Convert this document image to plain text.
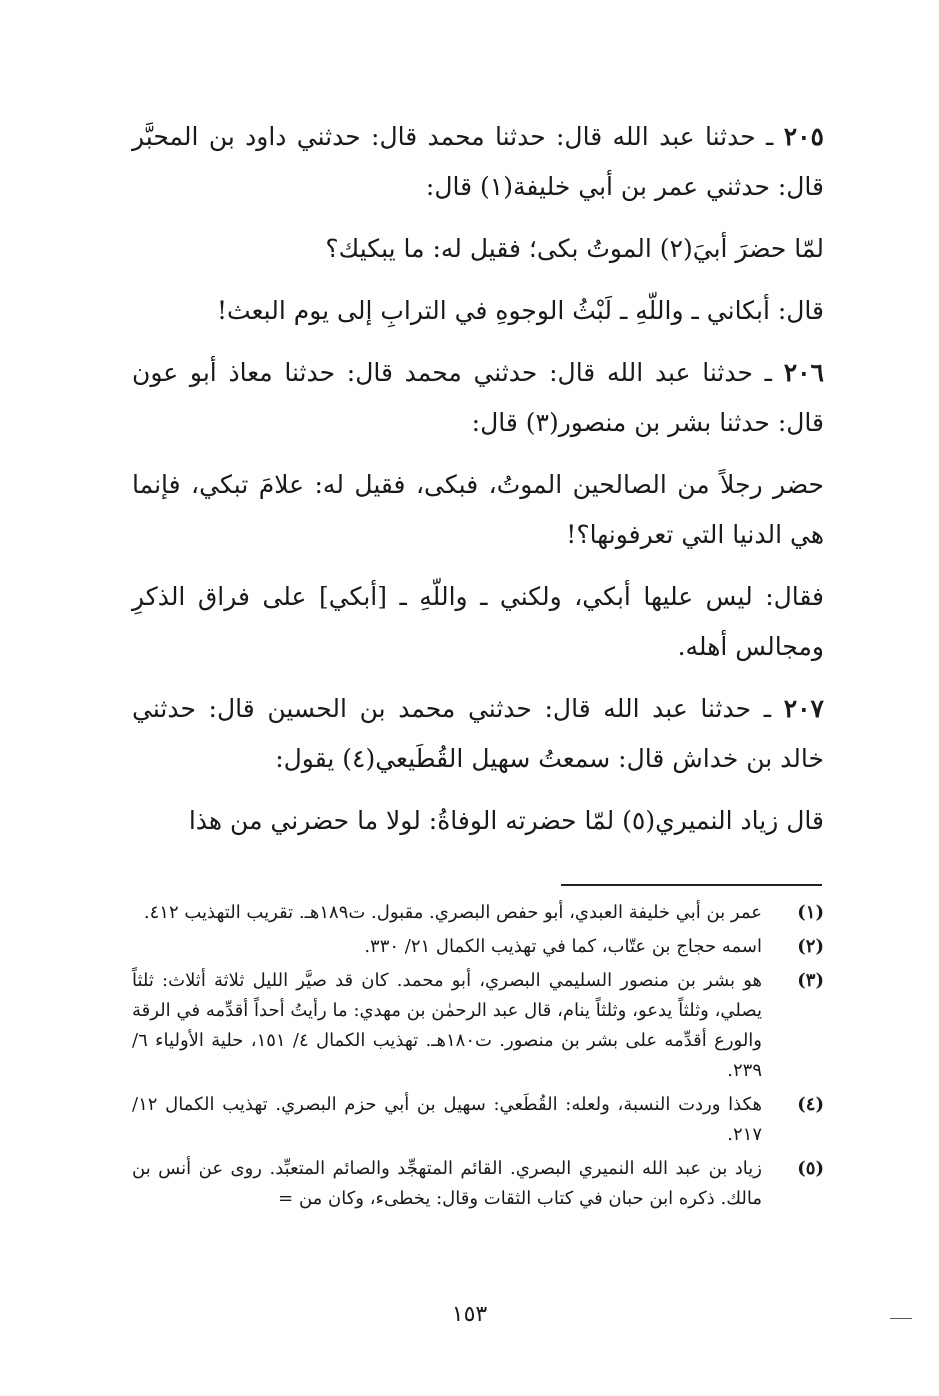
٢٠٥ ـ حدثنا عبد الله قال: حدثنا محمد قال: حدثني داود بن المحبَّر قال: حدثني عمر بن أبي خليفة(١) قال:

لمّا حضرَ أبيَ(٢) الموتُ بكى؛ فقيل له: ما يبكيك؟

قال: أبكاني ـ واللّهِ ـ لَبْثُ الوجوهِ في الترابِ إلى يوم البعث!

٢٠٦ ـ حدثنا عبد الله قال: حدثني محمد قال: حدثنا معاذ أبو عون قال: حدثنا بشر بن منصور(٣) قال:

حضر رجلاً من الصالحين الموتُ، فبكى، فقيل له: علامَ تبكي، فإنما هي الدنيا التي تعرفونها؟!

فقال: ليس عليها أبكي، ولكني ـ واللّهِ ـ [أبكي] على فراق الذكرِ ومجالس أهله.

٢٠٧ ـ حدثنا عبد الله قال: حدثني محمد بن الحسين قال: حدثني خالد بن خداش قال: سمعتُ سهيل القُطَيعي(٤) يقول:

قال زياد النميري(٥) لمّا حضرته الوفاةُ: لولا ما حضرني من هذا

(١)
عمر بن أبي خليفة العبدي، أبو حفص البصري. مقبول. ت١٨٩هـ. تقريب التهذيب ٤١٢.
(٢)
اسمه حجاج بن عتّاب، كما في تهذيب الكمال ٢١/ ٣٣٠.
(٣)
هو بشر بن منصور السليمي البصري، أبو محمد. كان قد صيَّر الليل ثلاثة أثلاث: ثلثاً يصلي، وثلثاً يدعو، وثلثاً ينام، قال عبد الرحمٰن بن مهدي: ما رأيتُ أحداً أقدِّمه في الرقة والورع أقدِّمه على بشر بن منصور. ت١٨٠هـ. تهذيب الكمال ٤/ ١٥١، حلية الأولياء ٦/ ٢٣٩.
(٤)
هكذا وردت النسبة، ولعله: القُطَعي: سهيل بن أبي حزم البصري. تهذيب الكمال ١٢/ ٢١٧.
(٥)
زياد بن عبد الله النميري البصري. القائم المتهجِّد والصائم المتعبِّد. روى عن أنس بن مالك. ذكره ابن حبان في كتاب الثقات وقال: يخطىء، وكان من =
١٥٣
